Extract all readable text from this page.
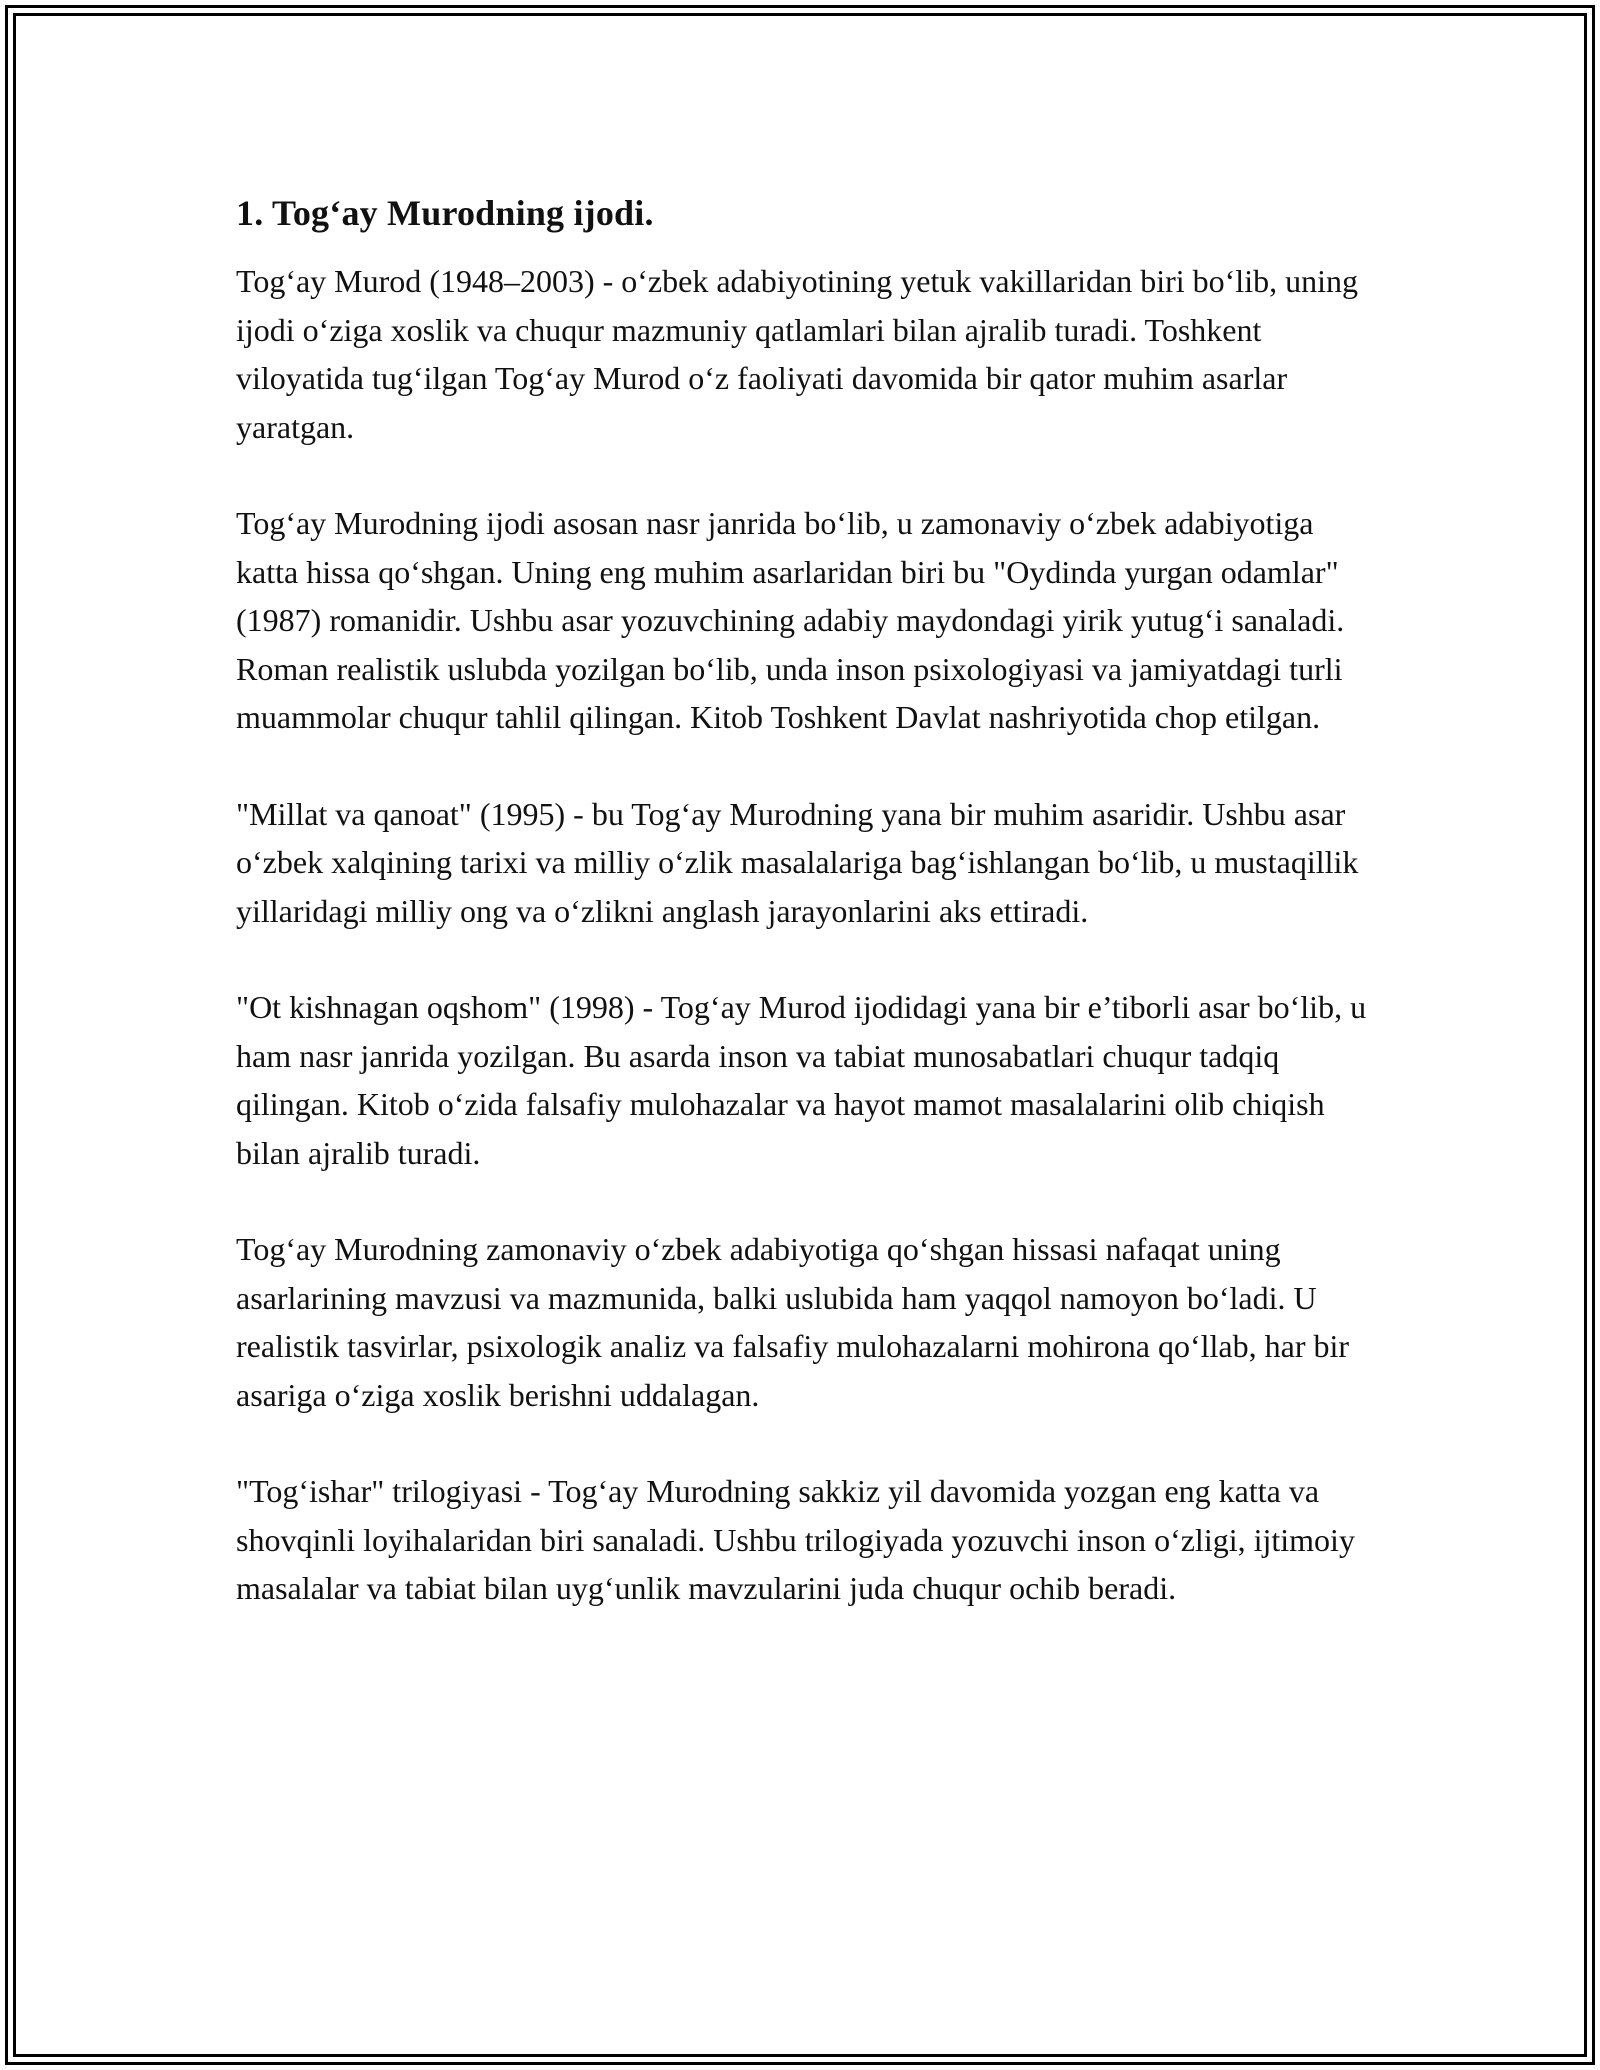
1. Tog‘ay Murodning ijodi.

Tog‘ay Murod (1948–2003) - o‘zbek adabiyotining yetuk vakillaridan biri bo‘lib, uning ijodi o‘ziga xoslik va chuqur mazmuniy qatlamlari bilan ajralib turadi. Toshkent viloyatida tug‘ilgan Tog‘ay Murod o‘z faoliyati davomida bir qator muhim asarlar yaratgan.

Tog‘ay Murodning ijodi asosan nasr janrida bo‘lib, u zamonaviy o‘zbek adabiyotiga katta hissa qo‘shgan. Uning eng muhim asarlaridan biri bu "Oydinda yurgan odamlar" (1987) romanidir. Ushbu asar yozuvchining adabiy maydondagi yirik yutug‘i sanaladi. Roman realistik uslubda yozilgan bo‘lib, unda inson psixologiyasi va jamiyatdagi turli muammolar chuqur tahlil qilingan. Kitob Toshkent Davlat nashriyotida chop etilgan.

"Millat va qanoat" (1995) - bu Tog‘ay Murodning yana bir muhim asaridir. Ushbu asar o‘zbek xalqining tarixi va milliy o‘zlik masalalariga bag‘ishlangan bo‘lib, u mustaqillik yillaridagi milliy ong va o‘zlikni anglash jarayonlarini aks ettiradi.

"Ot kishnagan oqshom" (1998) - Tog‘ay Murod ijodidagi yana bir e’tiborli asar bo‘lib, u ham nasr janrida yozilgan. Bu asarda inson va tabiat munosabatlari chuqur tadqiq qilingan. Kitob o‘zida falsafiy mulohazalar va hayot mamot masalalarini olib chiqish bilan ajralib turadi.

Tog‘ay Murodning zamonaviy o‘zbek adabiyotiga qo‘shgan hissasi nafaqat uning asarlarining mavzusi va mazmunida, balki uslubida ham yaqqol namoyon bo‘ladi. U realistik tasvirlar, psixologik analiz va falsafiy mulohazalarni mohirona qo‘llab, har bir asariga o‘ziga xoslik berishni uddalagan.

"Tog‘ishar" trilogiyasi - Tog‘ay Murodning sakkiz yil davomida yozgan eng katta va shovqinli loyihalaridan biri sanaladi. Ushbu trilogiyada yozuvchi inson o‘zligi, ijtimoiy masalalar va tabiat bilan uyg‘unlik mavzularini juda chuqur ochib beradi.
